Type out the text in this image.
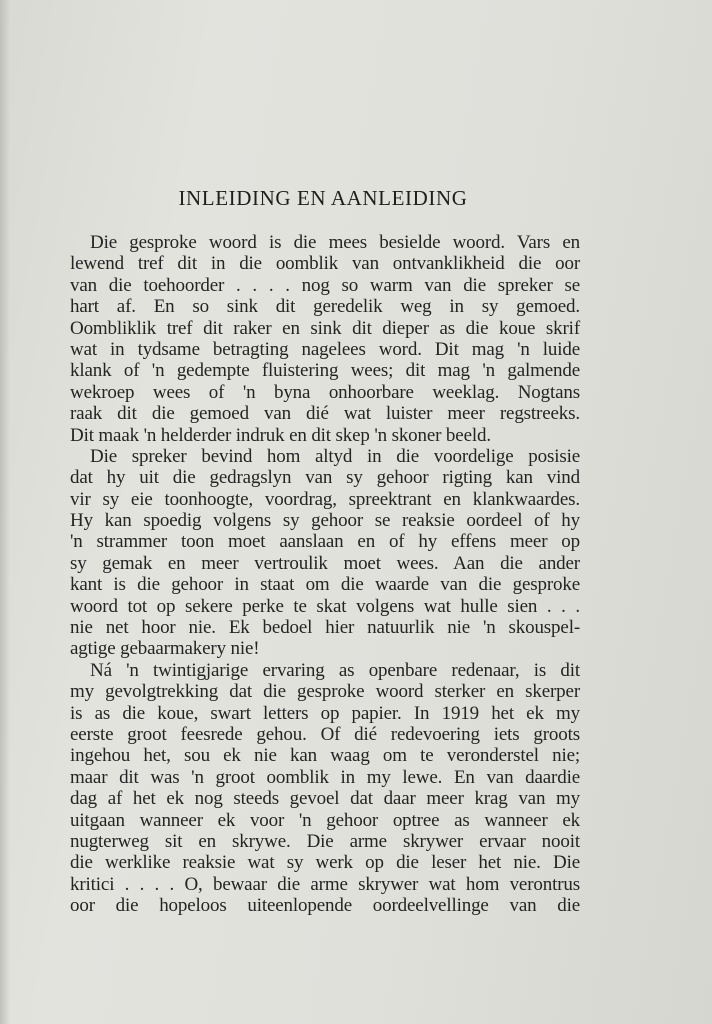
INLEIDING EN AANLEIDING
Die gesproke woord is die mees besielde woord. Vars en
lewend tref dit in die oomblik van ontvanklikheid die oor
van die toehoorder . . . . nog so warm van die spreker se
hart af. En so sink dit geredelik weg in sy gemoed.
Oombliklik tref dit raker en sink dit dieper as die koue skrif
wat in tydsame betragting nagelees word. Dit mag 'n luide
klank of 'n gedempte fluistering wees; dit mag 'n galmende
wekroep wees of 'n byna onhoorbare weeklag. Nogtans
raak dit die gemoed van dié wat luister meer regstreeks.
Dit maak 'n helderder indruk en dit skep 'n skoner beeld.
Die spreker bevind hom altyd in die voordelige posisie
dat hy uit die gedragslyn van sy gehoor rigting kan vind
vir sy eie toonhoogte, voordrag, spreektrant en klankwaardes.
Hy kan spoedig volgens sy gehoor se reaksie oordeel of hy
'n strammer toon moet aanslaan en of hy effens meer op
sy gemak en meer vertroulik moet wees. Aan die ander
kant is die gehoor in staat om die waarde van die gesproke
woord tot op sekere perke te skat volgens wat hulle sien . . .
nie net hoor nie. Ek bedoel hier natuurlik nie 'n skouspel-
agtige gebaarmakery nie!
Ná 'n twintigjarige ervaring as openbare redenaar, is dit
my gevolgtrekking dat die gesproke woord sterker en skerper
is as die koue, swart letters op papier. In 1919 het ek my
eerste groot feesrede gehou. Of dié redevoering iets groots
ingehou het, sou ek nie kan waag om te veronderstel nie;
maar dit was 'n groot oomblik in my lewe. En van daardie
dag af het ek nog steeds gevoel dat daar meer krag van my
uitgaan wanneer ek voor 'n gehoor optree as wanneer ek
nugterweg sit en skrywe. Die arme skrywer ervaar nooit
die werklike reaksie wat sy werk op die leser het nie. Die
kritici . . . . O, bewaar die arme skrywer wat hom verontrus
oor die hopeloos uiteenlopende oordeelvellinge van die
